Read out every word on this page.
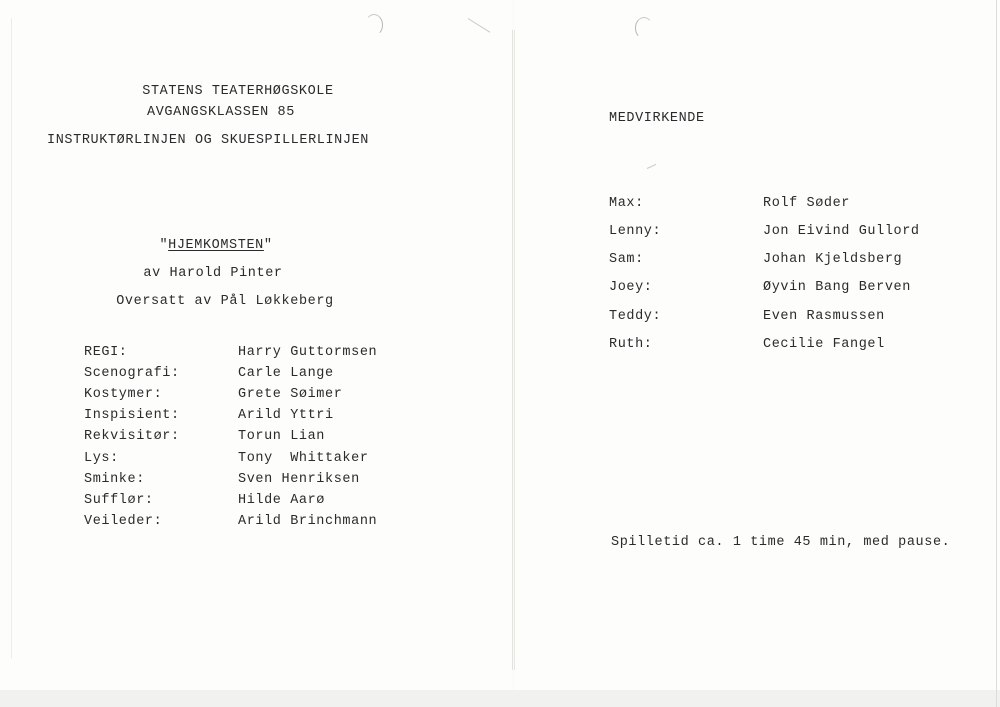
STATENS TEATERHØGSKOLE
AVGANGSKLASSEN 85
INSTRUKTØRLINJEN OG SKUESPILLERLINJEN
"HJEMKOMSTEN"
av Harold Pinter
Oversatt av Pål Løkkeberg
REGI:	Harry Guttormsen
Scenografi:	Carle Lange
Kostymer:	Grete Søimer
Inspisient:	Arild Yttri
Rekvisitør:	Torun Lian
Lys:	Tony  Whittaker
Sminke:	Sven Henriksen
Sufflør:	Hilde Aarø
Veileder:	Arild Brinchmann
MEDVIRKENDE
Max:	Rolf Søder
Lenny:	Jon Eivind Gullord
Sam:	Johan Kjeldsberg
Joey:	Øyvin Bang Berven
Teddy:	Even Rasmussen
Ruth:	Cecilie Fangel
Spilletid ca. 1 time 45 min, med pause.
